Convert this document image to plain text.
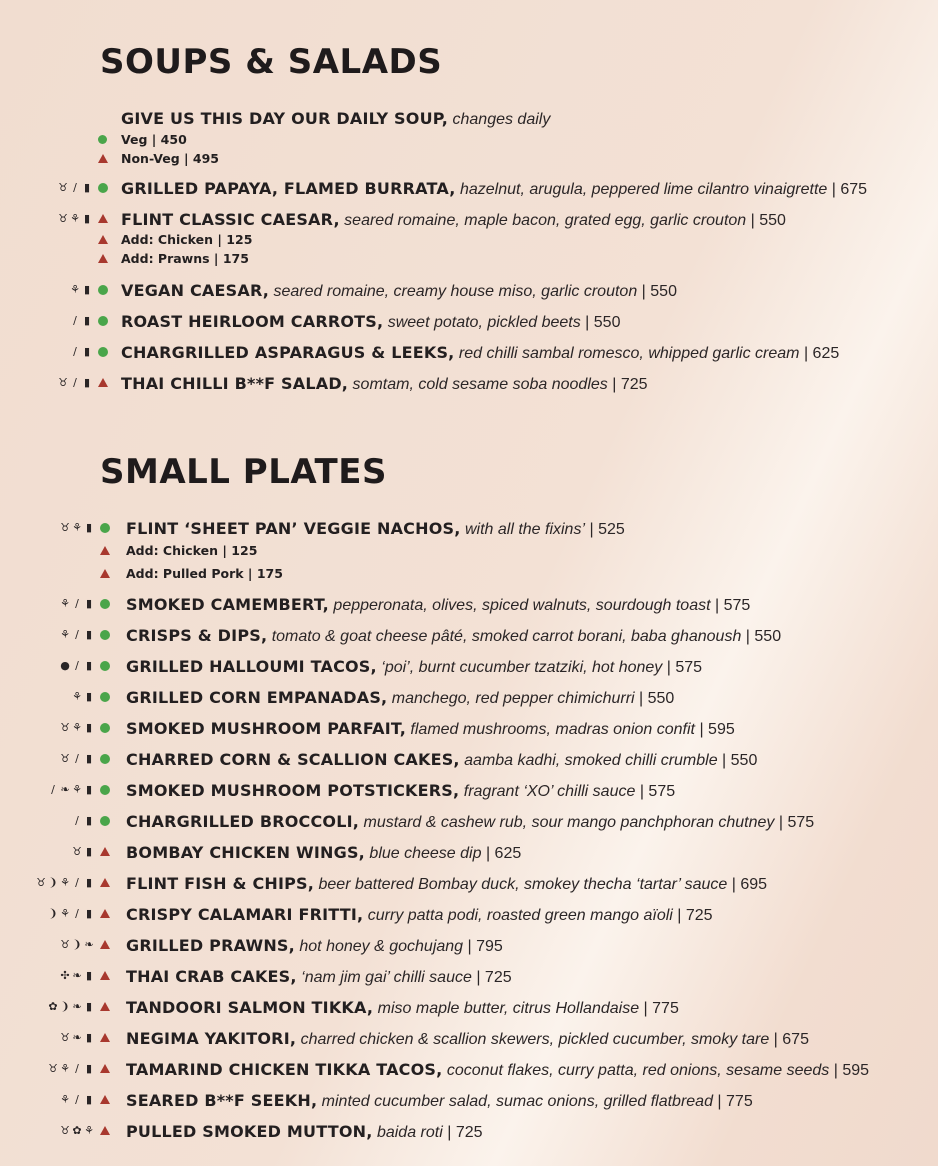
SOUPS & SALADS
GIVE US THIS DAY OUR DAILY SOUP, changes daily
Veg | 450
Non-Veg | 495
♉ ∕ ▮ GRILLED PAPAYA, FLAMED BURRATA, hazelnut, arugula, peppered lime cilantro vinaigrette | 675
♉ ⚘ ▮ FLINT CLASSIC CAESAR, seared romaine, maple bacon, grated egg, garlic crouton | 550
Add: Chicken | 125
Add: Prawns | 175
⚘ ▮ VEGAN CAESAR, seared romaine, creamy house miso, garlic crouton | 550
∕ ▮ ROAST HEIRLOOM CARROTS, sweet potato, pickled beets | 550
∕ ▮ CHARGRILLED ASPARAGUS & LEEKS, red chilli sambal romesco, whipped garlic cream | 625
♉ ∕ ▮ THAI CHILLI B**F SALAD, somtam, cold sesame soba noodles | 725
SMALL PLATES
♉ ⚘ ▮ FLINT ‘SHEET PAN’ VEGGIE NACHOS, with all the fixins’ | 525
Add: Chicken | 125
Add: Pulled Pork | 175
⚘ ∕ ▮ SMOKED CAMEMBERT, pepperonata, olives, spiced walnuts, sourdough toast | 575
⚘ ∕ ▮ CRISPS & DIPS, tomato & goat cheese pâté, smoked carrot borani, baba ghanoush | 550
● ∕ ▮ GRILLED HALLOUMI TACOS, ‘poi’, burnt cucumber tzatziki, hot honey | 575
⚘ ▮ GRILLED CORN EMPANADAS, manchego, red pepper chimichurri | 550
♉ ⚘ ▮ SMOKED MUSHROOM PARFAIT, flamed mushrooms, madras onion confit | 595
♉ ∕ ▮ CHARRED CORN & SCALLION CAKES, aamba kadhi, smoked chilli crumble | 550
∕ ❧ ⚘ ▮ SMOKED MUSHROOM POTSTICKERS, fragrant ‘XO’ chilli sauce | 575
∕ ▮ CHARGRILLED BROCCOLI, mustard & cashew rub, sour mango panchphoran chutney | 575
♉ ▮ BOMBAY CHICKEN WINGS, blue cheese dip | 625
♉ ❩ ⚘ ∕ ▮ FLINT FISH & CHIPS, beer battered Bombay duck, smokey thecha ‘tartar’ sauce | 695
❩ ⚘ ∕ ▮ CRISPY CALAMARI FRITTI, curry patta podi, roasted green mango aïoli | 725
♉ ❩ ❧ GRILLED PRAWNS, hot honey & gochujang | 795
✣ ❧ ▮ THAI CRAB CAKES, ‘nam jim gai’ chilli sauce | 725
✿ ❩ ❧ ▮ TANDOORI SALMON TIKKA, miso maple butter, citrus Hollandaise | 775
♉ ❧ ▮ NEGIMA YAKITORI, charred chicken & scallion skewers, pickled cucumber, smoky tare | 675
♉ ⚘ ∕ ▮ TAMARIND CHICKEN TIKKA TACOS, coconut flakes, curry patta, red onions, sesame seeds | 595
⚘ ∕ ▮ SEARED B**F SEEKH, minted cucumber salad, sumac onions, grilled flatbread | 775
♉ ✿ ⚘ PULLED SMOKED MUTTON, baida roti | 725
